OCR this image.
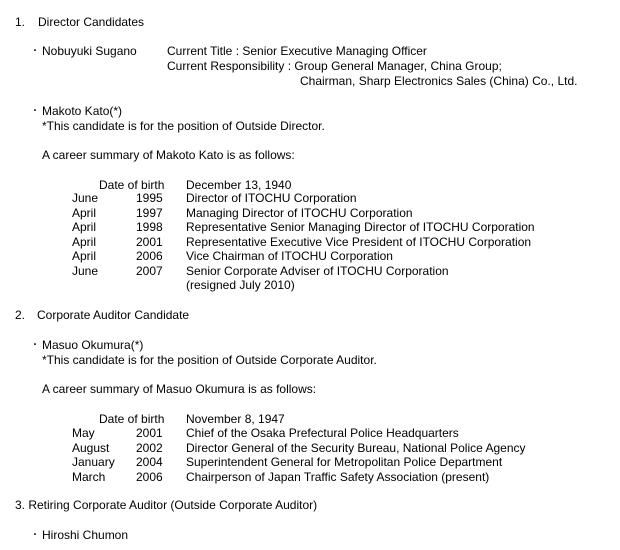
1. Director Candidates
・ Nobuyuki Sugano	Current Title : Senior Executive Managing Officer
Current Responsibility : Group General Manager, China Group;
Chairman, Sharp Electronics Sales (China) Co., Ltd.
・ Makoto Kato(*)
*This candidate is for the position of Outside Director.
A career summary of Makoto Kato is as follows:
Date of birth December 13, 1940
June	1995	Director of ITOCHU Corporation
April	1997	Managing Director of ITOCHU Corporation
April	1998	Representative Senior Managing Director of ITOCHU Corporation
April	2001	Representative Executive Vice President of ITOCHU Corporation
April	2006	Vice Chairman of ITOCHU Corporation
June	2007	Senior Corporate Adviser of ITOCHU Corporation
		(resigned July 2010)
2. Corporate Auditor Candidate
・ Masuo Okumura(*)
*This candidate is for the position of Outside Corporate Auditor.
A career summary of Masuo Okumura is as follows:
Date of birth November 8, 1947
May	2001	Chief of the Osaka Prefectural Police Headquarters
August	2002	Director General of the Security Bureau, National Police Agency
January	2004	Superintendent General for Metropolitan Police Department
March	2006	Chairperson of Japan Traffic Safety Association (present)
3. Retiring Corporate Auditor (Outside Corporate Auditor)
・ Hiroshi Chumon
